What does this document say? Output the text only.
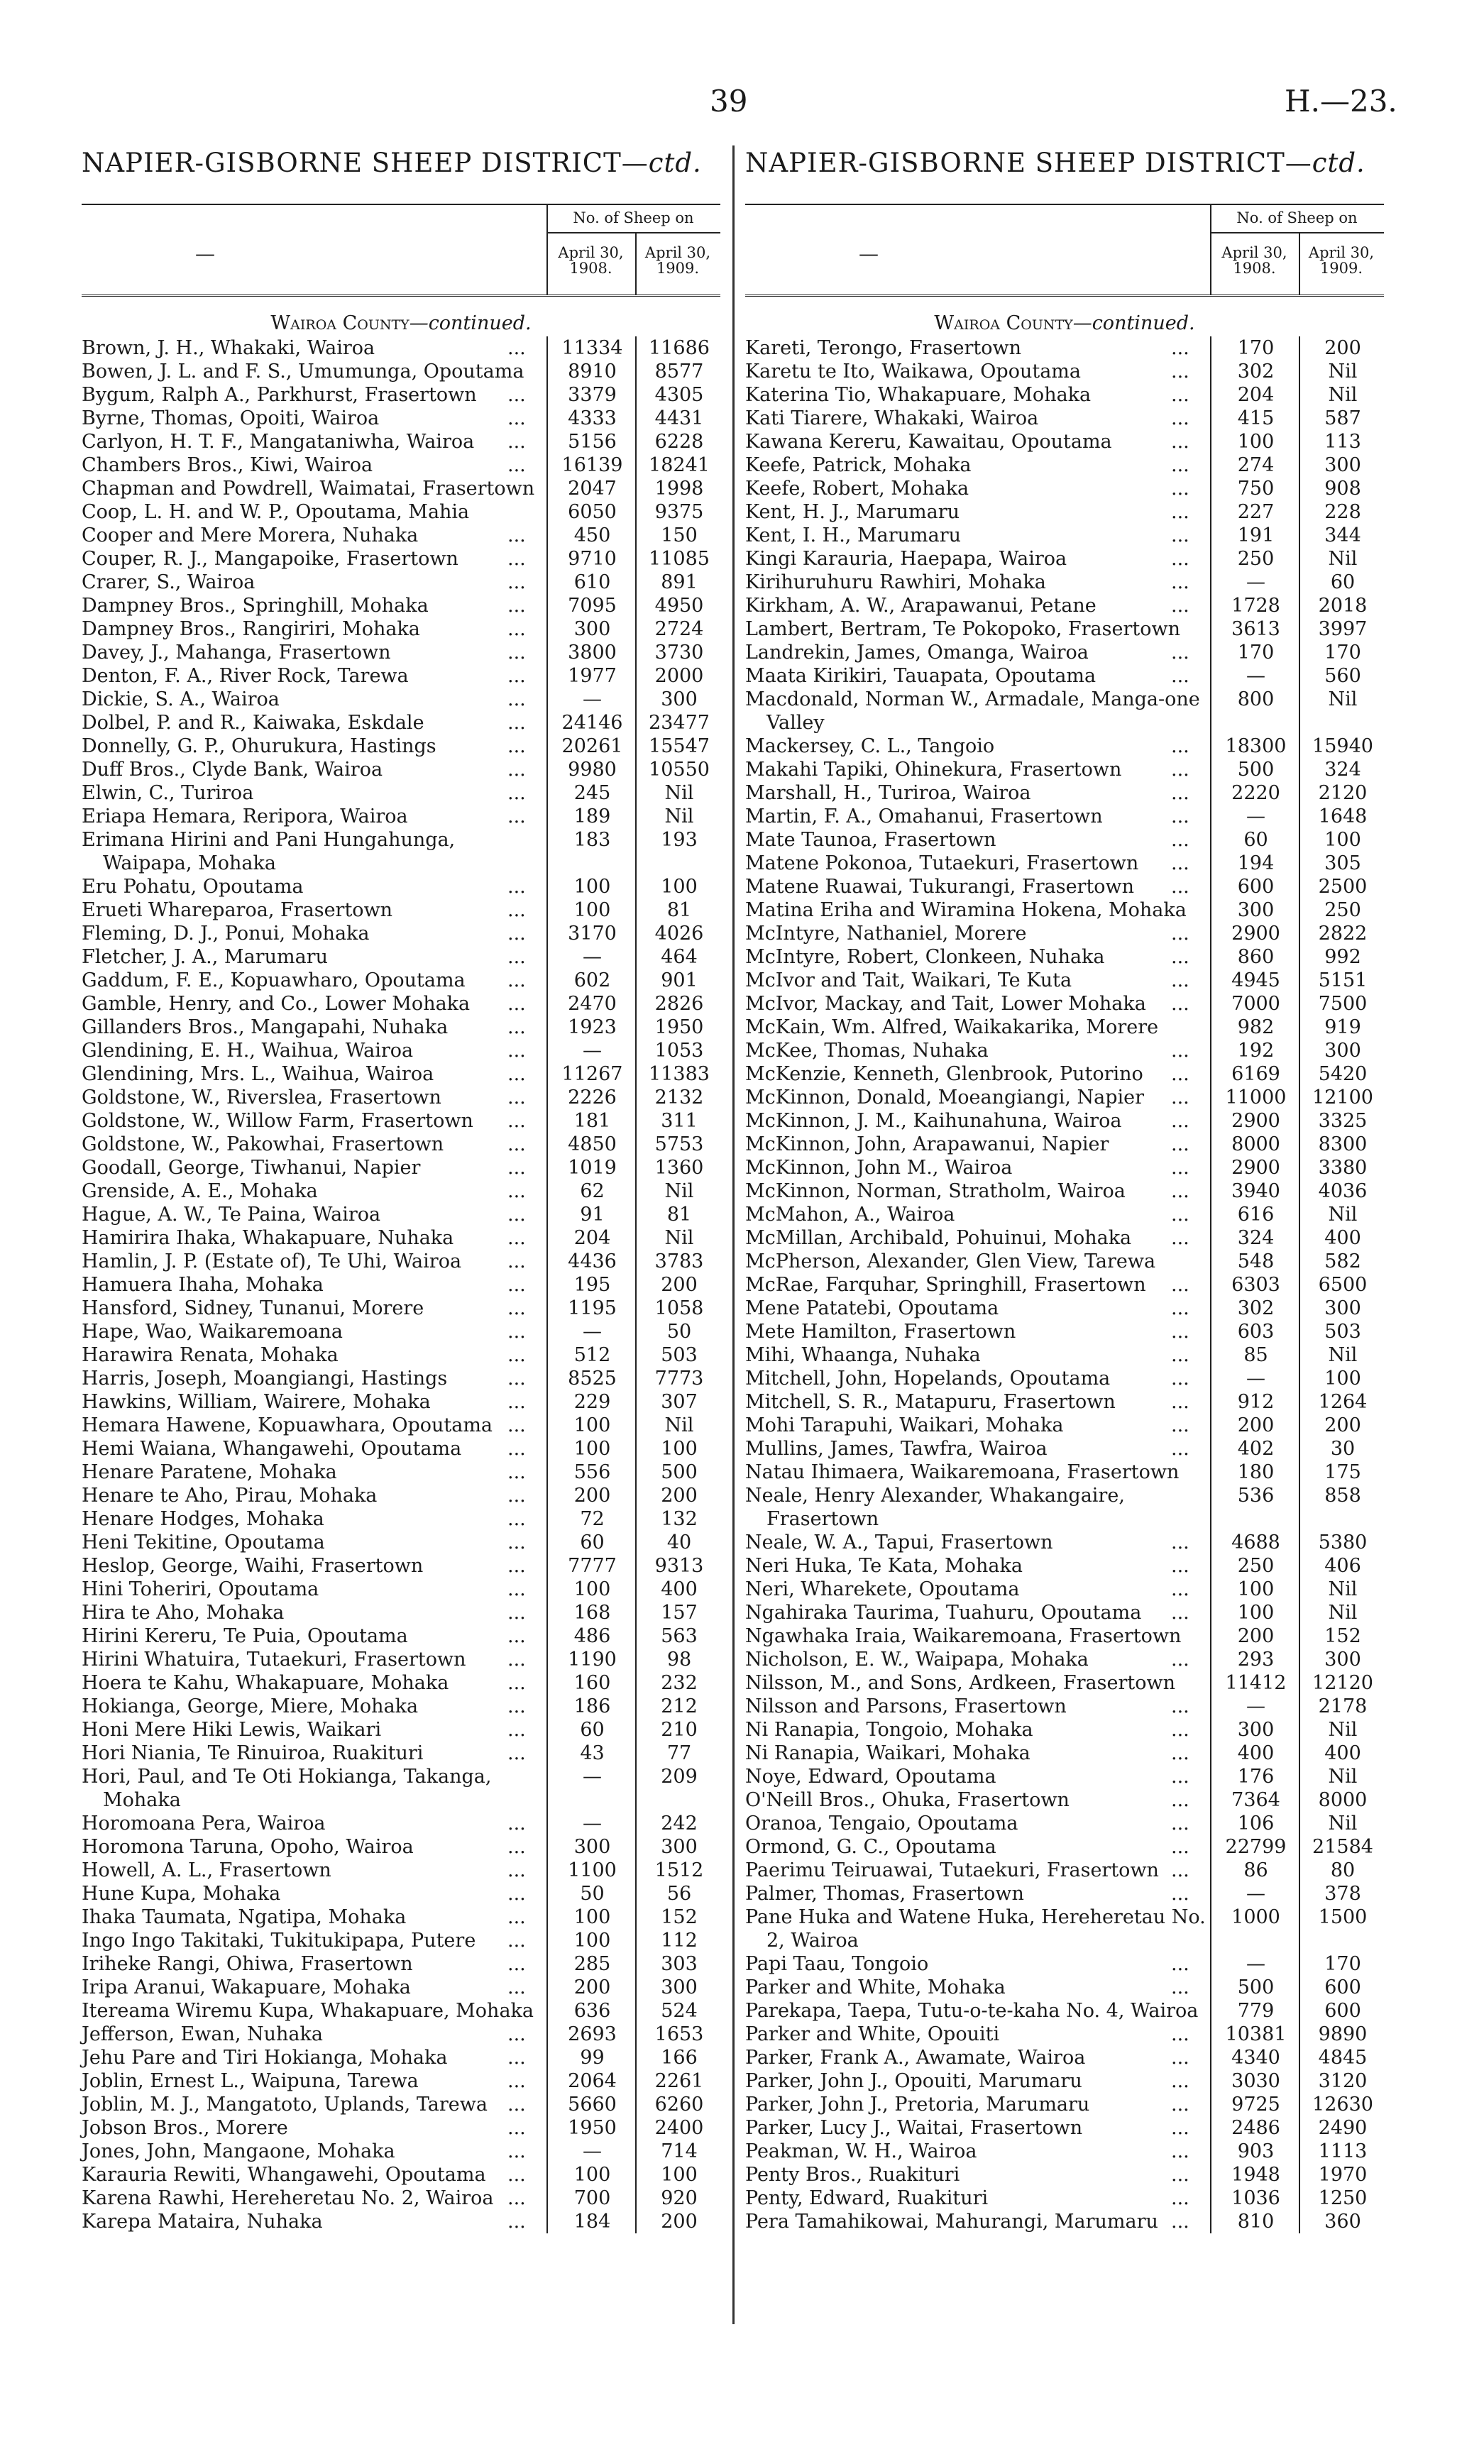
39	H.—23.
NAPIER-GISBORNE SHEEP DISTRICT—ctd. NAPIER-GISBORNE SHEEP DISTRICT—ctd.
—
No. of Sheep on
April 30, 1908.
April 30, 1909.
Wairoa County—continued.
Brown, J. H., Whakaki, Wairoa	...	11334	11686
Bowen, J. L. and F. S., Umumunga, Opoutama	8910	8577
Bygum, Ralph A., Parkhurst, Frasertown	...	3379	4305
Byrne, Thomas, Opoiti, Wairoa	...	4333	4431
Carlyon, H. T. F., Mangataniwha, Wairoa	...	5156	6228
Chambers Bros., Kiwi, Wairoa	...	16139	18241
Chapman and Powdrell, Waimatai, Frasertown	2047	1998
Coop, L. H. and W. P., Opoutama, Mahia	6050	9375
Cooper and Mere Morera, Nuhaka	...	450	150
Couper, R. J., Mangapoike, Frasertown	...	9710	11085
Crarer, S., Wairoa	...	610	891
Dampney Bros., Springhill, Mohaka	...	7095	4950
Dampney Bros., Rangiriri, Mohaka	...	300	2724
Davey, J., Mahanga, Frasertown	...	3800	3730
Denton, F. A., River Rock, Tarewa	...	1977	2000
Dickie, S. A., Wairoa	...	—	300
Dolbel, P. and R., Kaiwaka, Eskdale	...	24146	23477
Donnelly, G. P., Ohurukura, Hastings	...	20261	15547
Duff Bros., Clyde Bank, Wairoa	...	9980	10550
Elwin, C., Turiroa	...	245	Nil
Eriapa Hemara, Reripora, Wairoa	...	189	Nil
Erimana Hirini and Pani Hungahunga, Waipapa, Mohaka
183	193
Eru Pohatu, Opoutama	...	100	100
Erueti Whareparoa, Frasertown	...	100	81
Fleming, D. J., Ponui, Mohaka	...	3170	4026
Fletcher, J. A., Marumaru	...	—	464
Gaddum, F. E., Kopuawharo, Opoutama	...	602	901
Gamble, Henry, and Co., Lower Mohaka	...	2470	2826
Gillanders Bros., Mangapahi, Nuhaka	...	1923	1950
Glendining, E. H., Waihua, Wairoa	...	—	1053
Glendining, Mrs. L., Waihua, Wairoa	...	11267	11383
Goldstone, W., Riverslea, Frasertown	...	2226	2132
Goldstone, W., Willow Farm, Frasertown	...	181	311
Goldstone, W., Pakowhai, Frasertown	...	4850	5753
Goodall, George, Tiwhanui, Napier	...	1019	1360
Grenside, A. E., Mohaka	...	62	Nil
Hague, A. W., Te Paina, Wairoa	...	91	81
Hamirira Ihaka, Whakapuare, Nuhaka	...	204	Nil
Hamlin, J. P. (Estate of), Te Uhi, Wairoa	...	4436	3783
Hamuera Ihaha, Mohaka	...	195	200
Hansford, Sidney, Tunanui, Morere	...	1195	1058
Hape, Wao, Waikaremoana	...	—	50
Harawira Renata, Mohaka	...	512	503
Harris, Joseph, Moangiangi, Hastings	...	8525	7773
Hawkins, William, Wairere, Mohaka	...	229	307
Hemara Hawene, Kopuawhara, Opoutama ...	100	Nil
Hemi Waiana, Whangawehi, Opoutama	...	100	100
Henare Paratene, Mohaka	...	556	500
Henare te Aho, Pirau, Mohaka	...	200	200
Henare Hodges, Mohaka	...	72	132
Heni Tekitine, Opoutama	...	60	40
Heslop, George, Waihi, Frasertown	...	7777	9313
Hini Toheriri, Opoutama	...	100	400
Hira te Aho, Mohaka	...	168	157
Hirini Kereru, Te Puia, Opoutama	...	486	563
Hirini Whatuira, Tutaekuri, Frasertown	...	1190	98
Hoera te Kahu, Whakapuare, Mohaka	...	160	232
Hokianga, George, Miere, Mohaka	...	186	212
Honi Mere Hiki Lewis, Waikari	...	60	210
Hori Niania, Te Rinuiroa, Ruakituri	...	43	77
Hori, Paul, and Te Oti Hokianga, Takanga, Mohaka
—	209
Horomoana Pera, Wairoa	...	—	242
Horomona Taruna, Opoho, Wairoa	...	300	300
Howell, A. L., Frasertown	...	1100	1512
Hune Kupa, Mohaka	...	50	56
Ihaka Taumata, Ngatipa, Mohaka	...	100	152
Ingo Ingo Takitaki, Tukitukipapa, Putere	...	100	112
Iriheke Rangi, Ohiwa, Frasertown	...	285	303
Iripa Aranui, Wakapuare, Mohaka	...	200	300
Itereama Wiremu Kupa, Whakapuare, Mohaka	636	524
Jefferson, Ewan, Nuhaka	...	2693	1653
Jehu Pare and Tiri Hokianga, Mohaka	...	99	166
Joblin, Ernest L., Waipuna, Tarewa	...	2064	2261
Joblin, M. J., Mangatoto, Uplands, Tarewa	...	5660	6260
Jobson Bros., Morere	...	1950	2400
Jones, John, Mangaone, Mohaka	...	—	714
Karauria Rewiti, Whangawehi, Opoutama	...	100	100
Karena Rawhi, Hereheretau No. 2, Wairoa ...	700	920
Karepa Mataira, Nuhaka	...	184	200
—
No. of Sheep on
April 30, 1908.
April 30, 1909.
Wairoa County—continued.
Kareti, Terongo, Frasertown	...	170	200
Karetu te Ito, Waikawa, Opoutama	...	302	Nil
Katerina Tio, Whakapuare, Mohaka	...	204	Nil
Kati Tiarere, Whakaki, Wairoa	...	415	587
Kawana Kereru, Kawaitau, Opoutama	...	100	113
Keefe, Patrick, Mohaka	...	274	300
Keefe, Robert, Mohaka	...	750	908
Kent, H. J., Marumaru	...	227	228
Kent, I. H., Marumaru	...	191	344
Kingi Karauria, Haepapa, Wairoa	...	250	Nil
Kirihuruhuru Rawhiri, Mohaka	...	—	60
Kirkham, A. W., Arapawanui, Petane	...	1728	2018
Lambert, Bertram, Te Pokopoko, Frasertown	3613	3997
Landrekin, James, Omanga, Wairoa	...	170	170
Maata Kirikiri, Tauapata, Opoutama	...	—	560
Macdonald, Norman W., Armadale, Manga-one Valley
800	Nil
Mackersey, C. L., Tangoio	...	18300	15940
Makahi Tapiki, Ohinekura, Frasertown	...	500	324
Marshall, H., Turiroa, Wairoa	...	2220	2120
Martin, F. A., Omahanui, Frasertown	...	—	1648
Mate Taunoa, Frasertown	...	60	100
Matene Pokonoa, Tutaekuri, Frasertown	...	194	305
Matene Ruawai, Tukurangi, Frasertown	...	600	2500
Matina Eriha and Wiramina Hokena, Mohaka	300	250
McIntyre, Nathaniel, Morere	...	2900	2822
McIntyre, Robert, Clonkeen, Nuhaka	...	860	992
McIvor and Tait, Waikari, Te Kuta	...	4945	5151
McIvor, Mackay, and Tait, Lower Mohaka	...	7000	7500
McKain, Wm. Alfred, Waikakarika, Morere	982	919
McKee, Thomas, Nuhaka	...	192	300
McKenzie, Kenneth, Glenbrook, Putorino	...	6169	5420
McKinnon, Donald, Moeangiangi, Napier	...	11000	12100
McKinnon, J. M., Kaihunahuna, Wairoa	...	2900	3325
McKinnon, John, Arapawanui, Napier	...	8000	8300
McKinnon, John M., Wairoa	...	2900	3380
McKinnon, Norman, Stratholm, Wairoa	...	3940	4036
McMahon, A., Wairoa	...	616	Nil
McMillan, Archibald, Pohuinui, Mohaka	...	324	400
McPherson, Alexander, Glen View, Tarewa	548	582
McRae, Farquhar, Springhill, Frasertown	...	6303	6500
Mene Patatebi, Opoutama	...	302	300
Mete Hamilton, Frasertown	...	603	503
Mihi, Whaanga, Nuhaka	...	85	Nil
Mitchell, John, Hopelands, Opoutama	...	—	100
Mitchell, S. R., Matapuru, Frasertown	...	912	1264
Mohi Tarapuhi, Waikari, Mohaka	...	200	200
Mullins, James, Tawfra, Wairoa	...	402	30
Natau Ihimaera, Waikaremoana, Frasertown	180	175
Neale, Henry Alexander, Whakangaire, Frasertown
536	858
Neale, W. A., Tapui, Frasertown	...	4688	5380
Neri Huka, Te Kata, Mohaka	...	250	406
Neri, Wharekete, Opoutama	...	100	Nil
Ngahiraka Taurima, Tuahuru, Opoutama	...	100	Nil
Ngawhaka Iraia, Waikaremoana, Frasertown	200	152
Nicholson, E. W., Waipapa, Mohaka	...	293	300
Nilsson, M., and Sons, Ardkeen, Frasertown	11412	12120
Nilsson and Parsons, Frasertown	...	—	2178
Ni Ranapia, Tongoio, Mohaka	...	300	Nil
Ni Ranapia, Waikari, Mohaka	...	400	400
Noye, Edward, Opoutama	...	176	Nil
O'Neill Bros., Ohuka, Frasertown	...	7364	8000
Oranoa, Tengaio, Opoutama	...	106	Nil
Ormond, G. C., Opoutama	...	22799	21584
Paerimu Teiruawai, Tutaekuri, Frasertown ...	86	80
Palmer, Thomas, Frasertown	...	—	378
Pane Huka and Watene Huka, Hereheretau No. 2, Wairoa
1000	1500
Papi Taau, Tongoio	...	—	170
Parker and White, Mohaka	...	500	600
Parekapa, Taepa, Tutu-o-te-kaha No. 4, Wairoa	779	600
Parker and White, Opouiti	...	10381	9890
Parker, Frank A., Awamate, Wairoa	...	4340	4845
Parker, John J., Opouiti, Marumaru	...	3030	3120
Parker, John J., Pretoria, Marumaru	...	9725	12630
Parker, Lucy J., Waitai, Frasertown	...	2486	2490
Peakman, W. H., Wairoa	...	903	1113
Penty Bros., Ruakituri	...	1948	1970
Penty, Edward, Ruakituri	...	1036	1250
Pera Tamahikowai, Mahurangi, Marumaru ...	810	360
